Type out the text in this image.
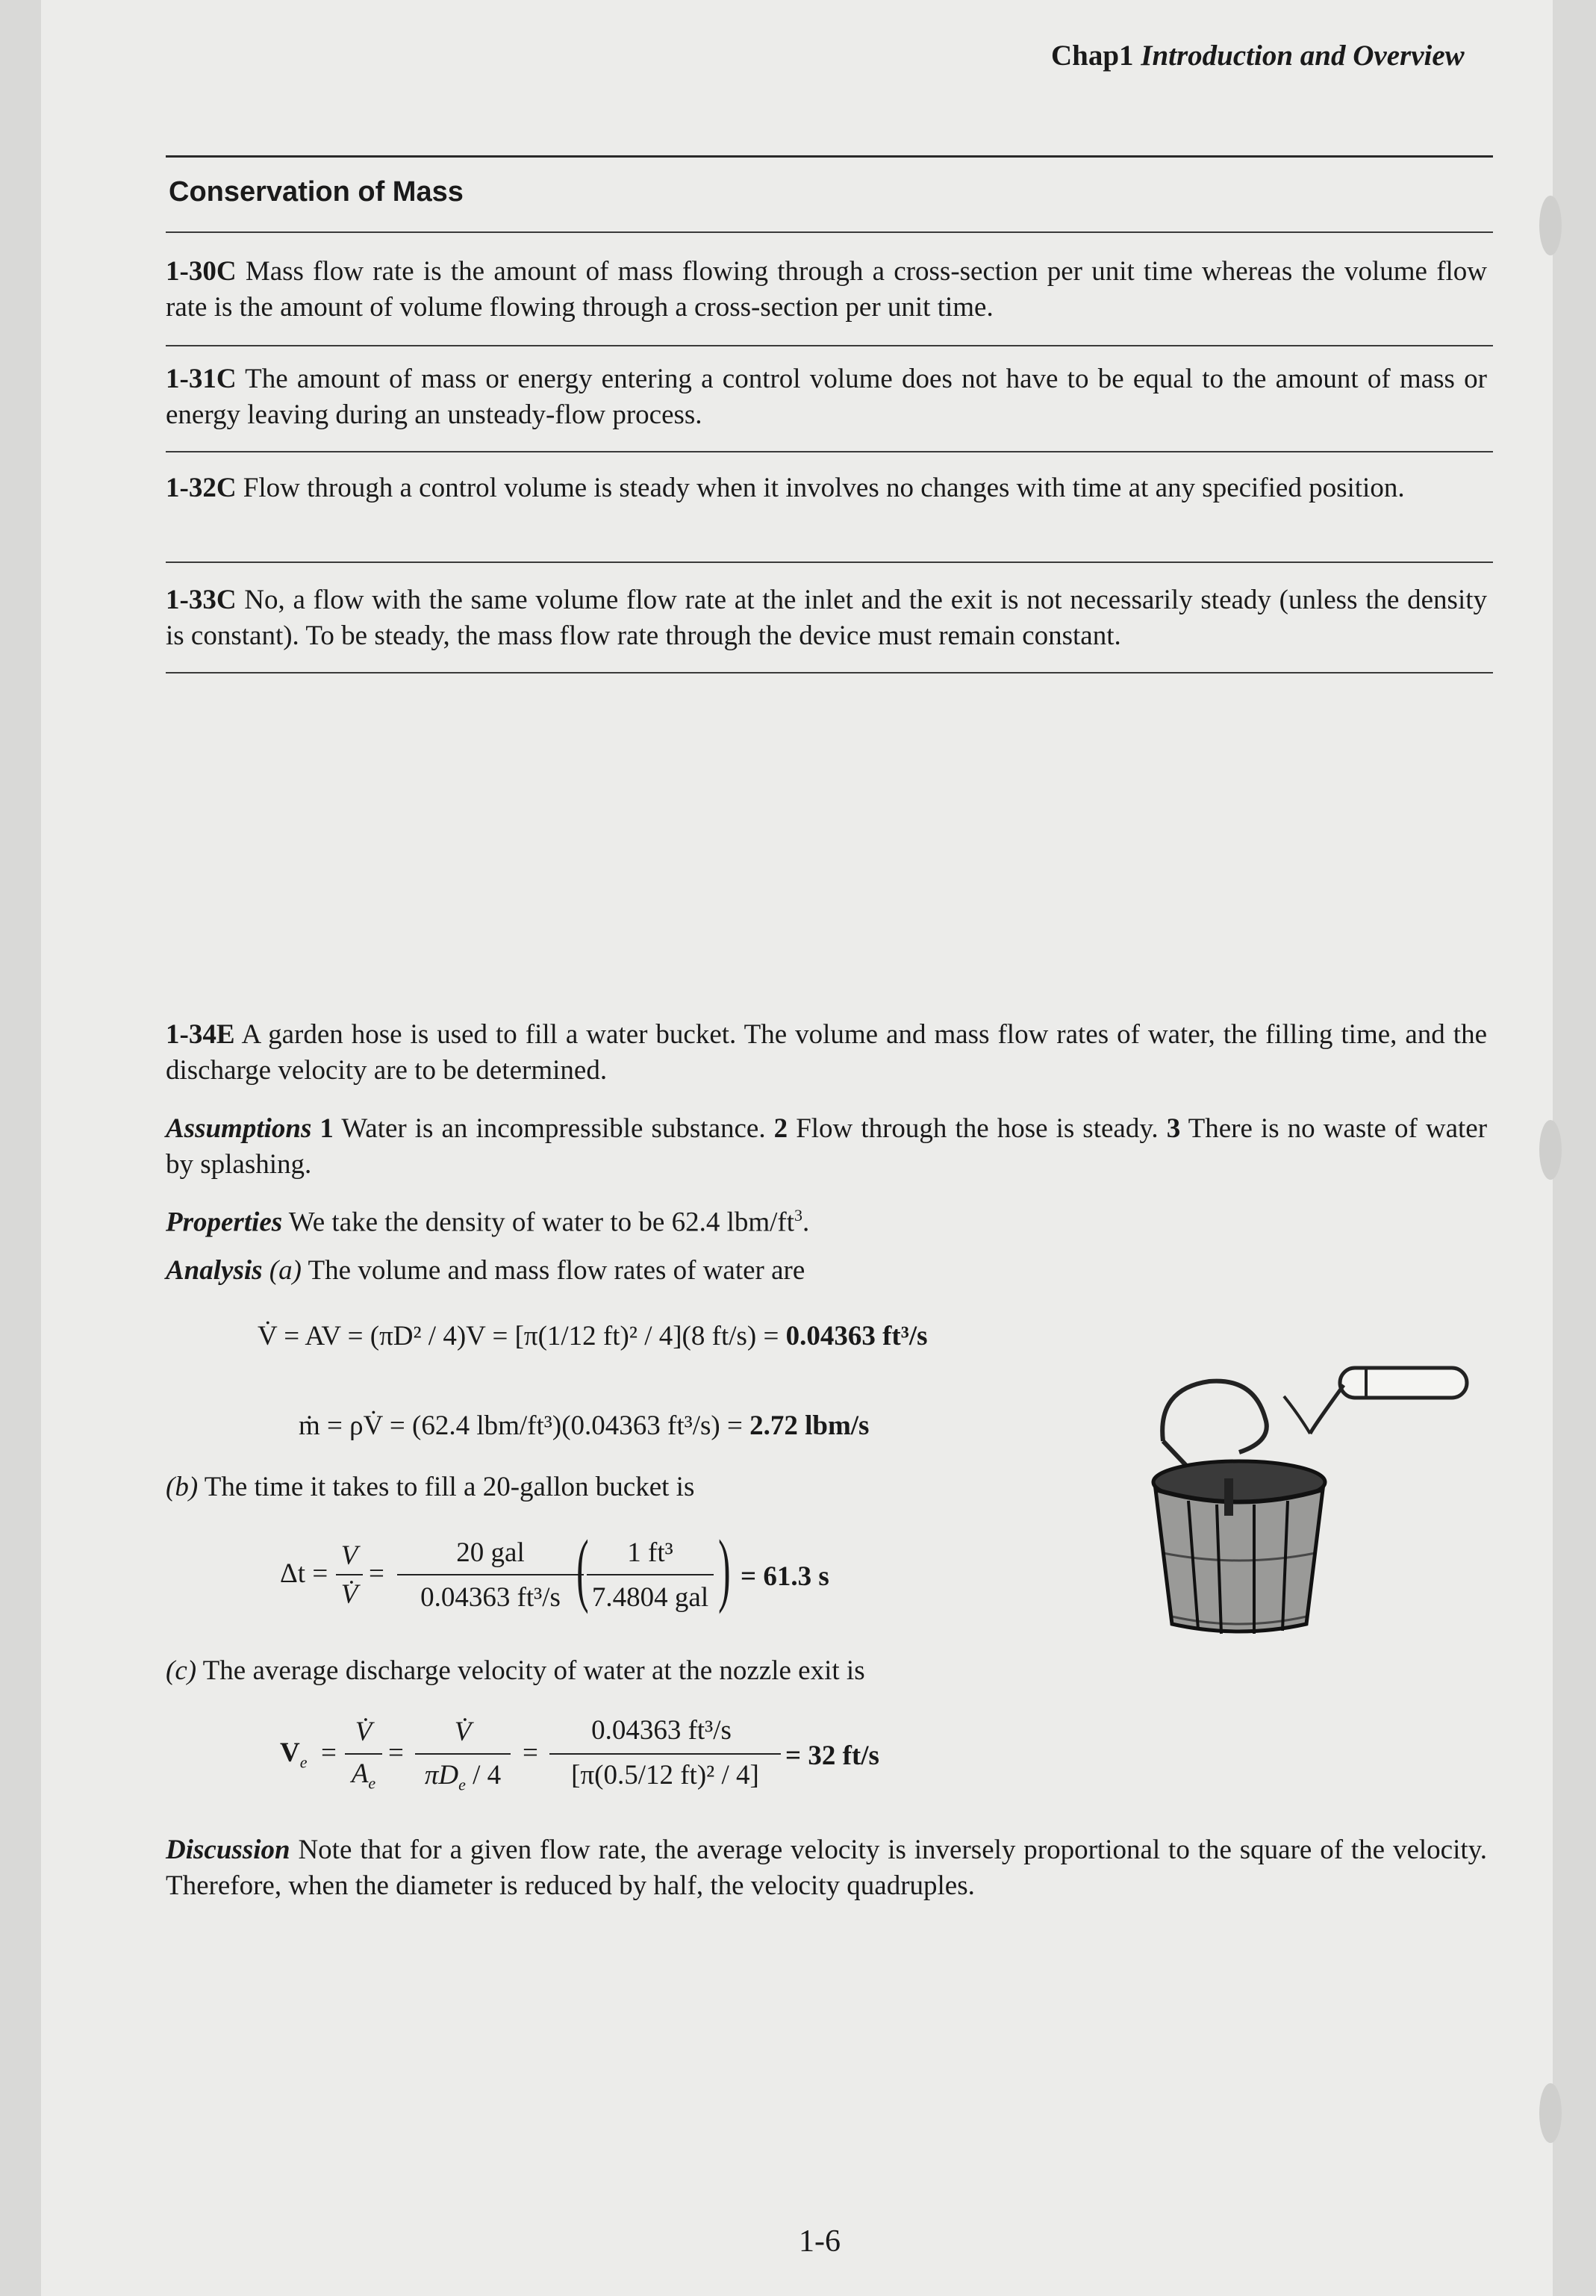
Chap1 Introduction and Overview
Conservation of Mass
1-30C Mass flow rate is the amount of mass flowing through a cross-section per unit time whereas the volume flow rate is the amount of volume flowing through a cross-section per unit time.
1-31C The amount of mass or energy entering a control volume does not have to be equal to the amount of mass or energy leaving during an unsteady-flow process.
1-32C Flow through a control volume is steady when it involves no changes with time at any specified position.
1-33C No, a flow with the same volume flow rate at the inlet and the exit is not necessarily steady (unless the density is constant). To be steady, the mass flow rate through the device must remain constant.
1-34E A garden hose is used to fill a water bucket. The volume and mass flow rates of water, the filling time, and the discharge velocity are to be determined.
Assumptions 1 Water is an incompressible substance. 2 Flow through the hose is steady. 3 There is no waste of water by splashing.
Properties We take the density of water to be 62.4 lbm/$ft^3$.
Analysis (a) The volume and mass flow rates of water are
V̇ = AV = (πD² / 4)V = [π(1/12 ft)² / 4](8 ft/s) = 0.04363 ft³/s
ṁ = ρV̇ = (62.4 lbm/ft³)(0.04363 ft³/s) = 2.72 lbm/s
(b) The time it takes to fill a 20-gallon bucket is
Δt =
V
V̇
=
20 gal
0.04363 ft³/s (	1 ft³
7.4804 gal ) = 61.3 s
(c) The average discharge velocity of water at the nozzle exit is
$V_e$ =
V̇
$A_e$
=
V̇
$\pi D_e / 4$
=
0.04363 ft³/s
[π(0.5/12 ft)² / 4]
= 32 ft/s
Discussion Note that for a given flow rate, the average velocity is inversely proportional to the square of the velocity. Therefore, when the diameter is reduced by half, the velocity quadruples.
1-6
